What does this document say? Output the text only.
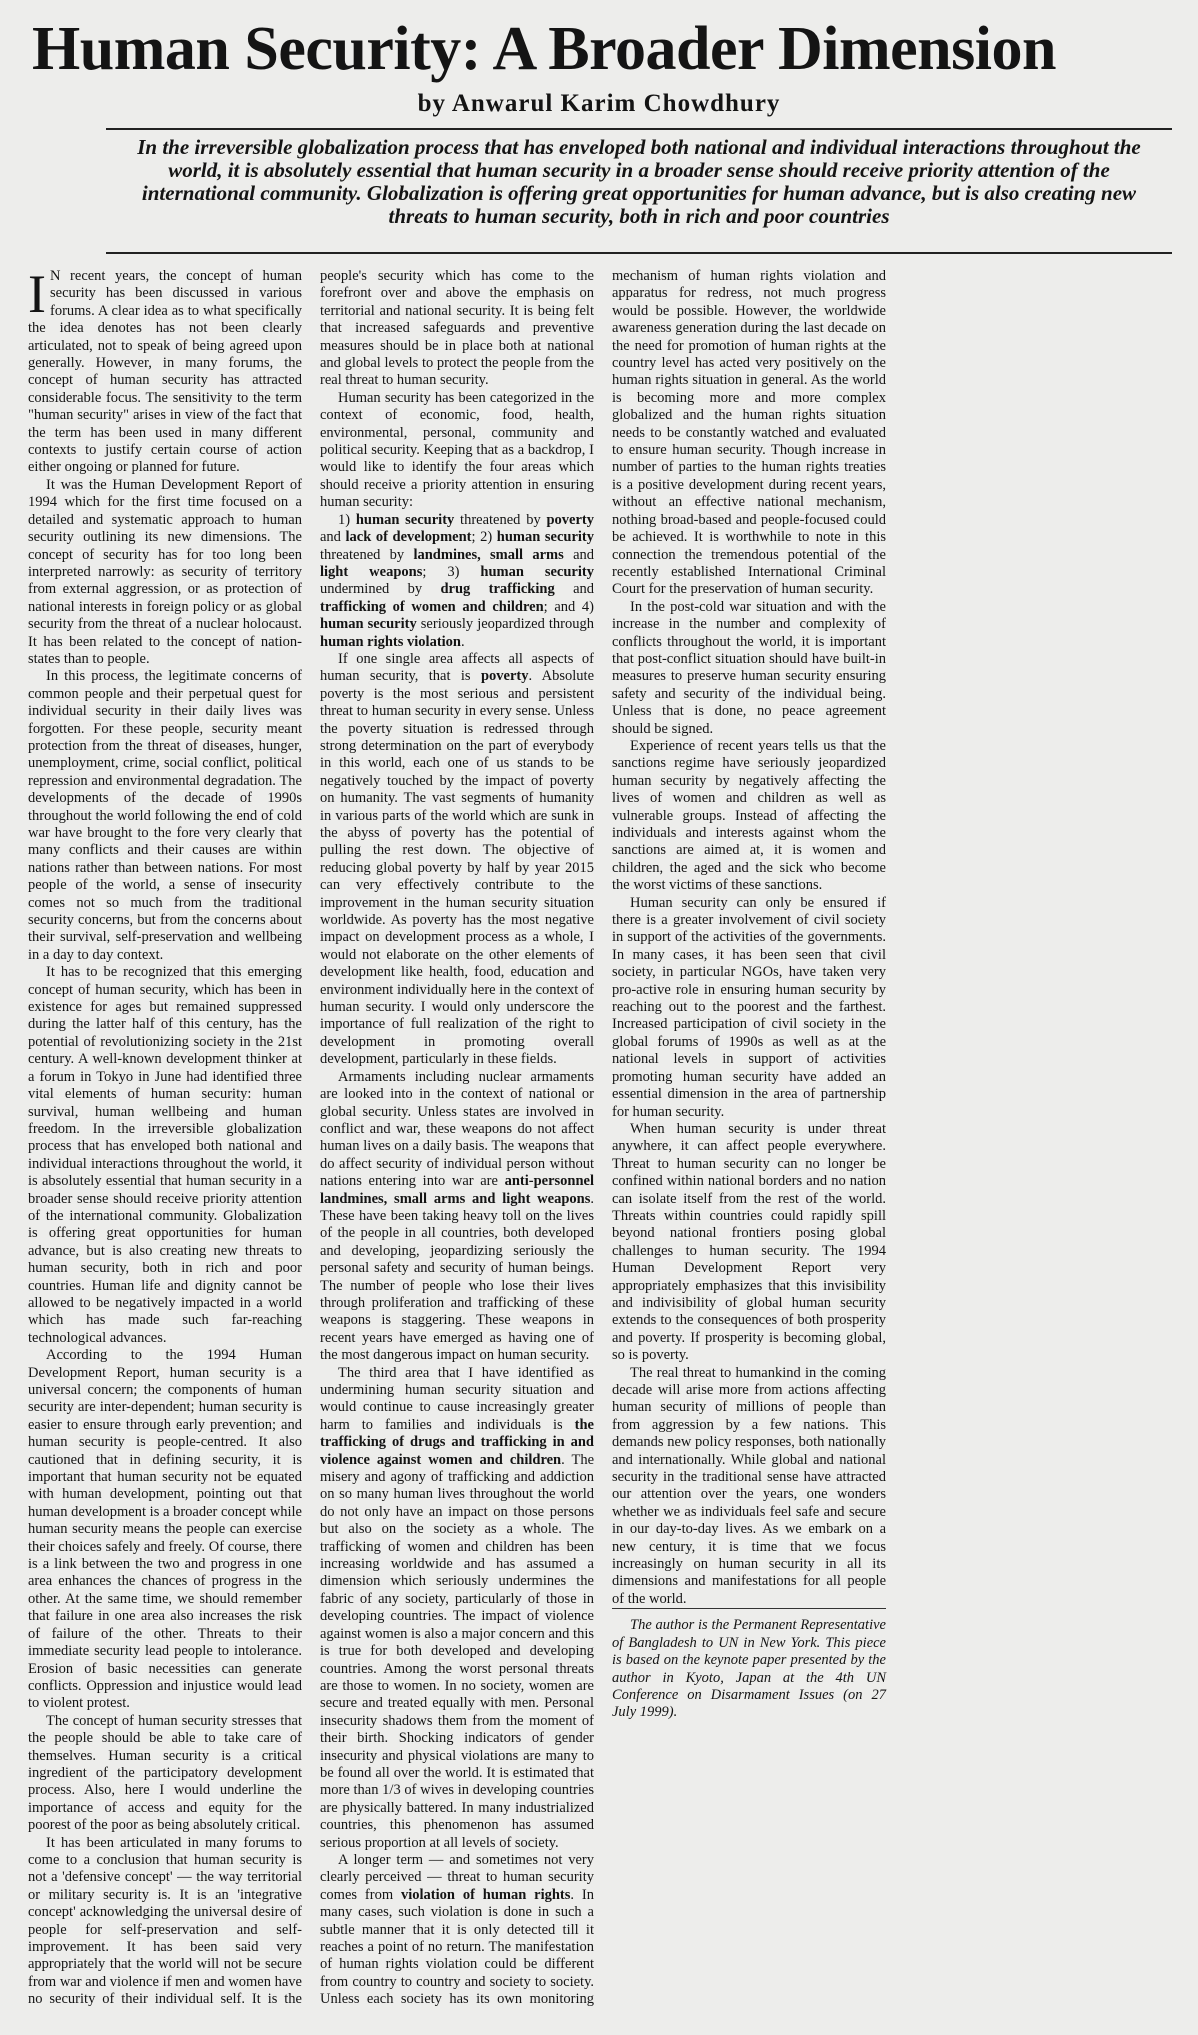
Human Security: A Broader Dimension
by Anwarul Karim Chowdhury
In the irreversible globalization process that has enveloped both national and individual interactions throughout the world, it is absolutely essential that human security in a broader sense should receive priority attention of the international community. Globalization is offering great opportunities for human advance, but is also creating new threats to human security, both in rich and poor countries

I N recent years, the concept of human security has been discussed in various forums. A clear idea as to what specifically the idea denotes has not been clearly articulated, not to speak of being agreed upon generally. However, in many forums, the concept of human security has attracted considerable focus. The sensitivity to the term "human security" arises in view of the fact that the term has been used in many different contexts to justify certain course of action either ongoing or planned for future.

It was the Human Development Report of 1994 which for the first time focused on a detailed and systematic approach to human security outlining its new dimensions. The concept of security has for too long been interpreted narrowly: as security of territory from external aggression, or as protection of national interests in foreign policy or as global security from the threat of a nuclear holocaust. It has been related to the concept of nation-states than to people.

In this process, the legitimate concerns of common people and their perpetual quest for individual security in their daily lives was forgotten. For these people, security meant protection from the threat of diseases, hunger, unemployment, crime, social conflict, political repression and environmental degradation. The developments of the decade of 1990s throughout the world following the end of cold war have brought to the fore very clearly that many conflicts and their causes are within nations rather than between nations. For most people of the world, a sense of insecurity comes not so much from the traditional security concerns, but from the concerns about their survival, self-preservation and wellbeing in a day to day context.

It has to be recognized that this emerging concept of human security, which has been in existence for ages but remained suppressed during the latter half of this century, has the potential of revolutionizing society in the 21st century. A well-known development thinker at a forum in Tokyo in June had identified three vital elements of human security: human survival, human wellbeing and human freedom. In the irreversible globalization process that has enveloped both national and individual interactions throughout the world, it is absolutely essential that human security in a broader sense should receive priority attention of the international community. Globalization is offering great opportunities for human advance, but is also creating new threats to human security, both in rich and poor countries. Human life and dignity cannot be allowed to be negatively impacted in a world which has made such far-reaching technological advances.

According to the 1994 Human Development Report, human security is a universal concern; the components of human security are inter-dependent; human security is easier to ensure through early prevention; and human security is people-centred. It also cautioned that in defining security, it is important that human security not be equated with human development, pointing out that human development is a broader concept while human security means the people can exercise their choices safely and freely. Of course, there is a link between the two and progress in one area enhances the chances of progress in the other. At the same time, we should remember that failure in one area also increases the risk of failure of the other. Threats to their immediate security lead people to intolerance. Erosion of basic necessities can generate conflicts. Oppression and injustice would lead to violent protest.

The concept of human security stresses that the people should be able to take care of themselves. Human security is a critical ingredient of the participatory development process. Also, here I would underline the importance of access and equity for the poorest of the poor as being absolutely critical.

It has been articulated in many forums to come to a conclusion that human security is not a 'defensive concept' — the way territorial or military security is. It is an 'integrative concept' acknowledging the universal desire of people for self-preservation and self-improvement. It has been said very appropriately that the world will not be secure from war and violence if men and women have no security of their individual self. It is the people's security which has come to the forefront over and above the emphasis on territorial and national security. It is being felt that increased safeguards and preventive measures should be in place both at national and global levels to protect the people from the real threat to human security.

Human security has been categorized in the context of economic, food, health, environmental, personal, community and political security. Keeping that as a backdrop, I would like to identify the four areas which should receive a priority attention in ensuring human security:

1) human security threatened by poverty and lack of development; 2) human security threatened by landmines, small arms and light weapons; 3) human security undermined by drug trafficking and trafficking of women and children; and 4) human security seriously jeopardized through human rights violation.

If one single area affects all aspects of human security, that is poverty. Absolute poverty is the most serious and persistent threat to human security in every sense. Unless the poverty situation is redressed through strong determination on the part of everybody in this world, each one of us stands to be negatively touched by the impact of poverty on humanity. The vast segments of humanity in various parts of the world which are sunk in the abyss of poverty has the potential of pulling the rest down. The objective of reducing global poverty by half by year 2015 can very effectively contribute to the improvement in the human security situation worldwide. As poverty has the most negative impact on development process as a whole, I would not elaborate on the other elements of development like health, food, education and environment individually here in the context of human security. I would only underscore the importance of full realization of the right to development in promoting overall development, particularly in these fields.

Armaments including nuclear armaments are looked into in the context of national or global security. Unless states are involved in conflict and war, these weapons do not affect human lives on a daily basis. The weapons that do affect security of individual person without nations entering into war are anti-personnel landmines, small arms and light weapons. These have been taking heavy toll on the lives of the people in all countries, both developed and developing, jeopardizing seriously the personal safety and security of human beings. The number of people who lose their lives through proliferation and trafficking of these weapons is staggering. These weapons in recent years have emerged as having one of the most dangerous impact on human security.

The third area that I have identified as undermining human security situation and would continue to cause increasingly greater harm to families and individuals is the trafficking of drugs and trafficking in and violence against women and children. The misery and agony of trafficking and addiction on so many human lives throughout the world do not only have an impact on those persons but also on the society as a whole. The trafficking of women and children has been increasing worldwide and has assumed a dimension which seriously undermines the fabric of any society, particularly of those in developing countries. The impact of violence against women is also a major concern and this is true for both developed and developing countries. Among the worst personal threats are those to women. In no society, women are secure and treated equally with men. Personal insecurity shadows them from the moment of their birth. Shocking indicators of gender insecurity and physical violations are many to be found all over the world. It is estimated that more than 1/3 of wives in developing countries are physically battered. In many industrialized countries, this phenomenon has assumed serious proportion at all levels of society.

A longer term — and sometimes not very clearly perceived — threat to human security comes from violation of human rights. In many cases, such violation is done in such a subtle manner that it is only detected till it reaches a point of no return. The manifestation of human rights violation could be different from country to country and society to society. Unless each society has its own monitoring mechanism of human rights violation and apparatus for redress, not much progress would be possible. However, the worldwide awareness generation during the last decade on the need for promotion of human rights at the country level has acted very positively on the human rights situation in general. As the world is becoming more and more complex globalized and the human rights situation needs to be constantly watched and evaluated to ensure human security. Though increase in number of parties to the human rights treaties is a positive development during recent years, without an effective national mechanism, nothing broad-based and people-focused could be achieved. It is worthwhile to note in this connection the tremendous potential of the recently established International Criminal Court for the preservation of human security.

In the post-cold war situation and with the increase in the number and complexity of conflicts throughout the world, it is important that post-conflict situation should have built-in measures to preserve human security ensuring safety and security of the individual being. Unless that is done, no peace agreement should be signed.

Experience of recent years tells us that the sanctions regime have seriously jeopardized human security by negatively affecting the lives of women and children as well as vulnerable groups. Instead of affecting the individuals and interests against whom the sanctions are aimed at, it is women and children, the aged and the sick who become the worst victims of these sanctions.

Human security can only be ensured if there is a greater involvement of civil society in support of the activities of the governments. In many cases, it has been seen that civil society, in particular NGOs, have taken very pro-active role in ensuring human security by reaching out to the poorest and the farthest. Increased participation of civil society in the global forums of 1990s as well as at the national levels in support of activities promoting human security have added an essential dimension in the area of partnership for human security.

When human security is under threat anywhere, it can affect people everywhere. Threat to human security can no longer be confined within national borders and no nation can isolate itself from the rest of the world. Threats within countries could rapidly spill beyond national frontiers posing global challenges to human security. The 1994 Human Development Report very appropriately emphasizes that this invisibility and indivisibility of global human security extends to the consequences of both prosperity and poverty. If prosperity is becoming global, so is poverty.

The real threat to humankind in the coming decade will arise more from actions affecting human security of millions of people than from aggression by a few nations. This demands new policy responses, both nationally and internationally. While global and national security in the traditional sense have attracted our attention over the years, one wonders whether we as individuals feel safe and secure in our day-to-day lives. As we embark on a new century, it is time that we focus increasingly on human security in all its dimensions and manifestations for all people of the world.

The author is the Permanent Representative of Bangladesh to UN in New York. This piece is based on the keynote paper presented by the author in Kyoto, Japan at the 4th UN Conference on Disarmament Issues (on 27 July 1999).
